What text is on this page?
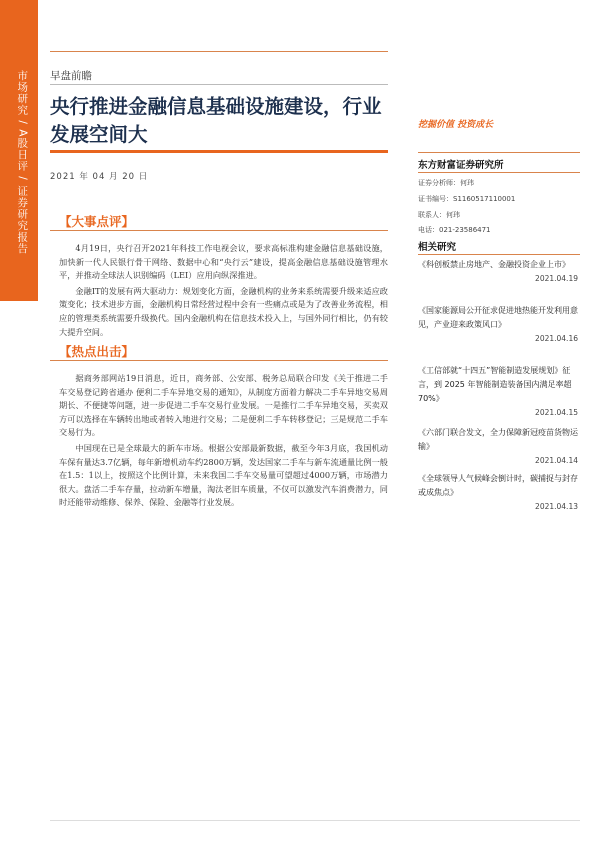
市场研究 / A股日评 / 证券研究报告	早盘前瞻
央行推进金融信息基础设施建设，行业发展空间大
2021 年 04 月 20 日
挖掘价值 投资成长
东方财富证券研究所
证券分析师：何玮
证书编号：S1160517110001
联系人：何玮
电话：021-23586471
相关研究
《科创板禁止房地产、金融投资企业上市》
2021.04.19
《国家能源局公开征求促进地热能开发利用意见，产业迎来政策风口》
2021.04.16
《工信部就“十四五”智能制造发展规划》征言，到 2025 年智能制造装备国内满足率超 70%》
2021.04.15
《六部门联合发文，全力保障新冠疫苗货物运输》
2021.04.14
《全球领导人气候峰会倒计时，碳捕捉与封存或成焦点》
2021.04.13
【大事点评】

4月19日，央行召开2021年科技工作电视会议，要求高标准构建金融信息基础设施，加快新一代人民银行骨干网络、数据中心和“央行云”建设，提高金融信息基础设施管理水平，并推动全球法人识别编码（LEI）应用向纵深推进。

金融IT的发展有两大驱动力：规划变化方面，金融机构的业务来系统需要升级来适应政策变化；技术进步方面，金融机构日常经营过程中会有一些痛点或是为了改善业务流程，相应的管理类系统需要升级换代。国内金融机构在信息技术投入上，与国外同行相比，仍有较大提升空间。

【热点出击】

据商务部网站19日消息，近日，商务部、公安部、税务总局联合印发《关于推进二手车交易登记跨省通办 便利二手车异地交易的通知》，从制度方面着力解决二手车异地交易周期长、不便捷等问题，进一步促进二手车交易行业发展。一是推行二手车异地交易，买卖双方可以选择在车辆转出地或者转入地进行交易；二是便利二手车转移登记；三是规范二手车交易行为。

中国现在已是全球最大的新车市场。根据公安部最新数据，截至今年3月底，我国机动车保有量达3.7亿辆，每年新增机动车约2800万辆，发达国家二手车与新车流通量比例一般在1.5：1以上，按照这个比例计算，未来我国二手车交易量可望超过4000万辆，市场潜力很大。盘活二手车存量，拉动新车增量，淘汰老旧车质量，不仅可以激发汽车消费潜力，同时还能带动维修、保养、保险、金融等行业发展。
